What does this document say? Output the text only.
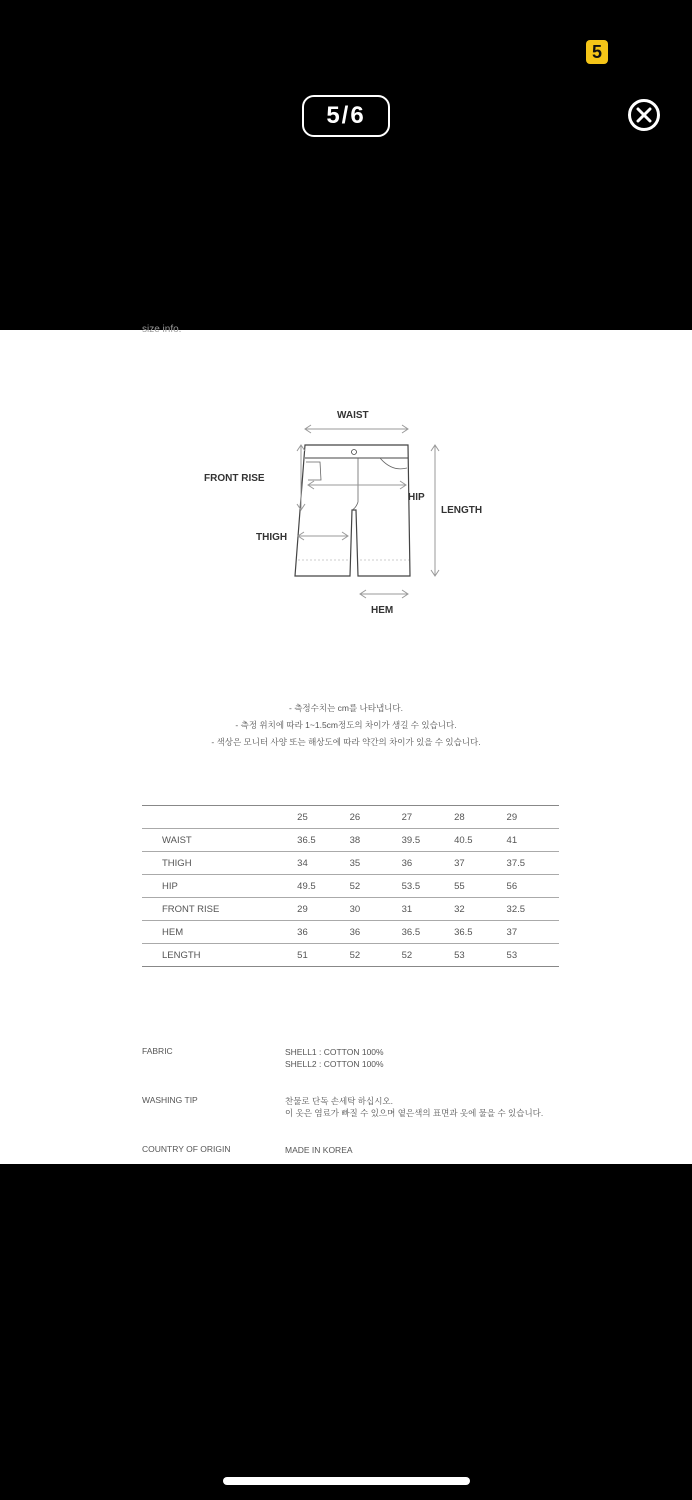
5
5/6
size info.
WAIST
FRONT RISE
HIP
LENGTH
THIGH
HEM
- 측정수치는 cm를 나타냅니다.
- 측정 위치에 따라 1~1.5cm정도의 차이가 생길 수 있습니다.
- 색상은 모니터 사양 또는 해상도에 따라 약간의 차이가 있을 수 있습니다.
	25	26	27	28	29
WAIST	36.5	38	39.5	40.5	41
THIGH	34	35	36	37	37.5
HIP	49.5	52	53.5	55	56
FRONT RISE	29	30	31	32	32.5
HEM	36	36	36.5	36.5	37
LENGTH	51	52	52	53	53
FABRIC	SHELL1 : COTTON 100%
SHELL2 : COTTON 100%
WASHING TIP	찬물로 단독 손세탁 하십시오.
이 옷은 염료가 빠질 수 있으며 옅은색의 표면과 옷에 물을 수 있습니다.
COUNTRY OF ORIGIN	MADE IN KOREA
